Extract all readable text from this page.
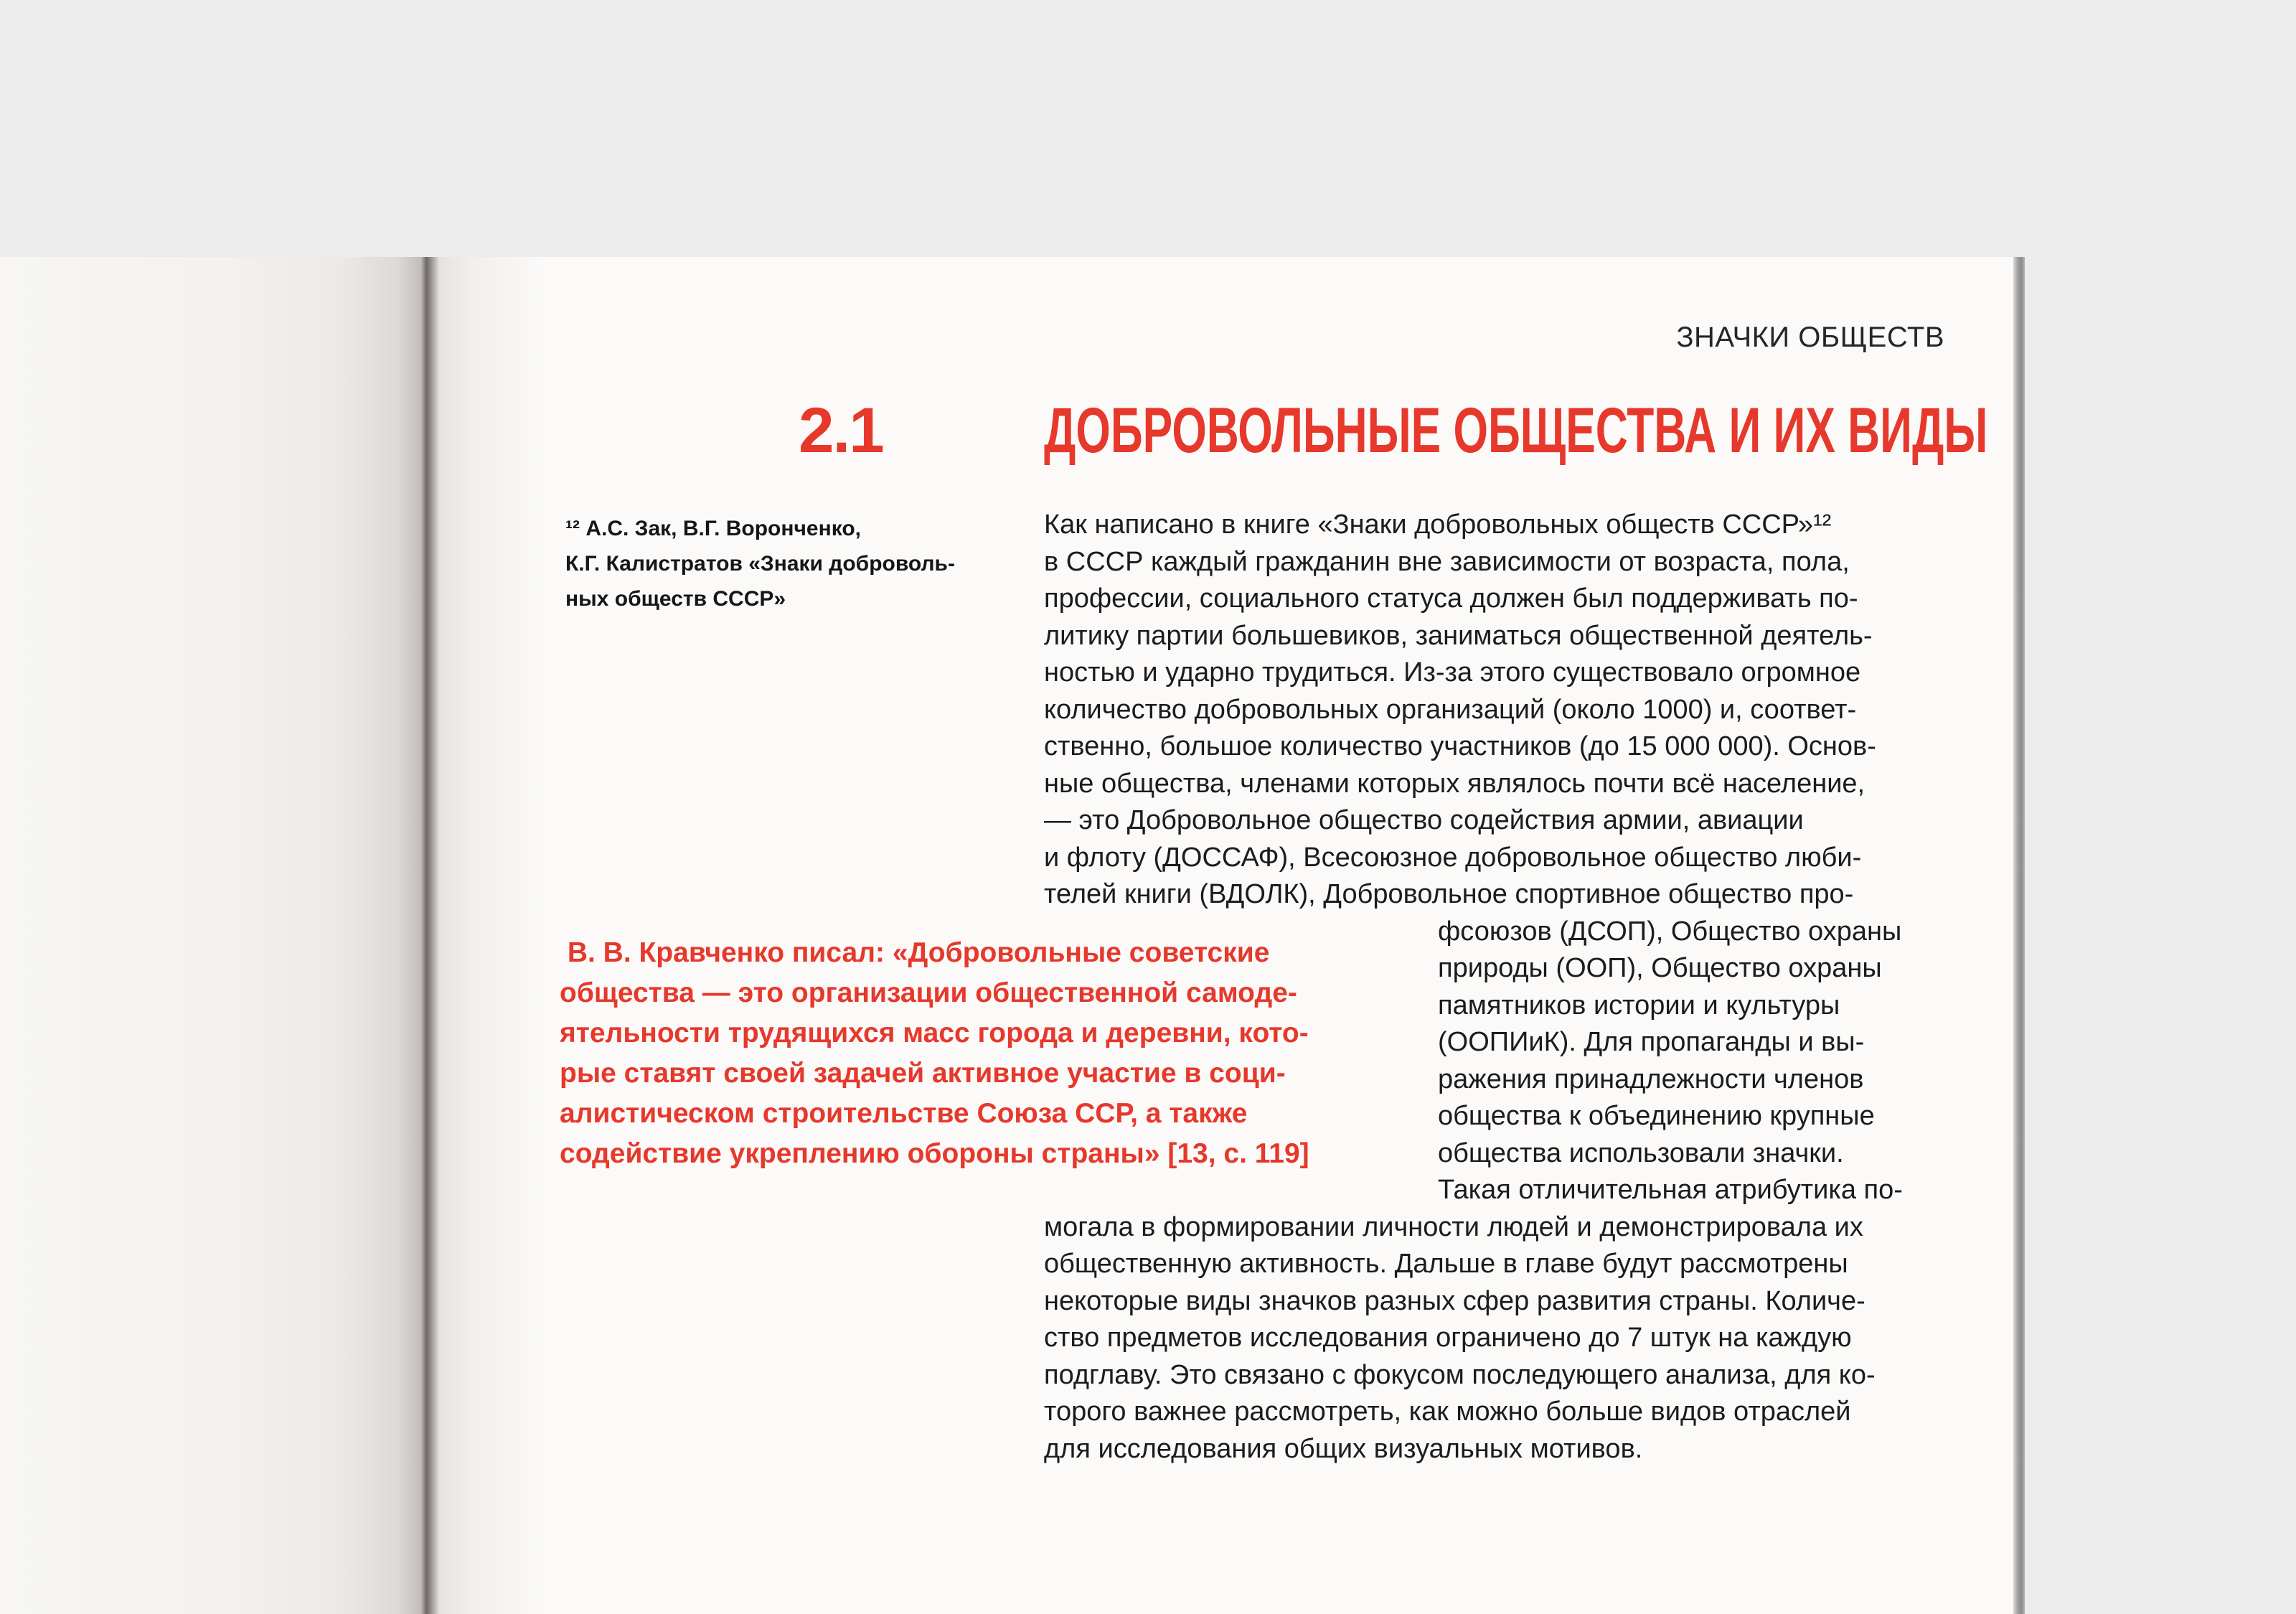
ЗНАЧКИ ОБЩЕСТВ
2.1	ДОБРОВОЛЬНЫЕ ОБЩЕСТВА И ИХ ВИДЫ
¹² А.С. Зак, В.Г. Воронченко,
К.Г. Калистратов «Знаки доброволь-
ных обществ СССР»
Как написано в книге «Знаки добровольных обществ СССР»¹²
в СССР каждый гражданин вне зависимости от возраста, пола,
профессии, социального статуса должен был поддерживать по-
литику партии большевиков, заниматься общественной деятель-
ностью и ударно трудиться. Из-за этого существовало огромное
количество добровольных организаций (около 1000) и, соответ-
ственно, большое количество участников (до 15 000 000). Основ-
ные общества, членами которых являлось почти всё население,
— это Добровольное общество содействия армии, авиации
и флоту (ДОССАФ), Всесоюзное добровольное общество люби-
телей книги (ВДОЛК), Добровольное спортивное общество про-
фсоюзов (ДСОП), Общество охраны
природы (ООП), Общество охраны
памятников истории и культуры
(ООПИиК). Для пропаганды и вы-
ражения принадлежности членов
общества к объединению крупные
общества использовали значки.
Такая отличительная атрибутика по-
могала в формировании личности людей и демонстрировала их
общественную активность. Дальше в главе будут рассмотрены
некоторые виды значков разных сфер развития страны. Количе-
ство предметов исследования ограничено до 7 штук на каждую
подглаву. Это связано с фокусом последующего анализа, для ко-
торого важнее рассмотреть, как можно больше видов отраслей
для исследования общих визуальных мотивов.
В. В. Кравченко писал: «Добровольные советские
общества — это организации общественной самоде-
ятельности трудящихся масс города и деревни, кото-
рые ставят своей задачей активное участие в соци-
алистическом строительстве Союза ССР, а также
содействие укреплению обороны страны» [13, с. 119]
